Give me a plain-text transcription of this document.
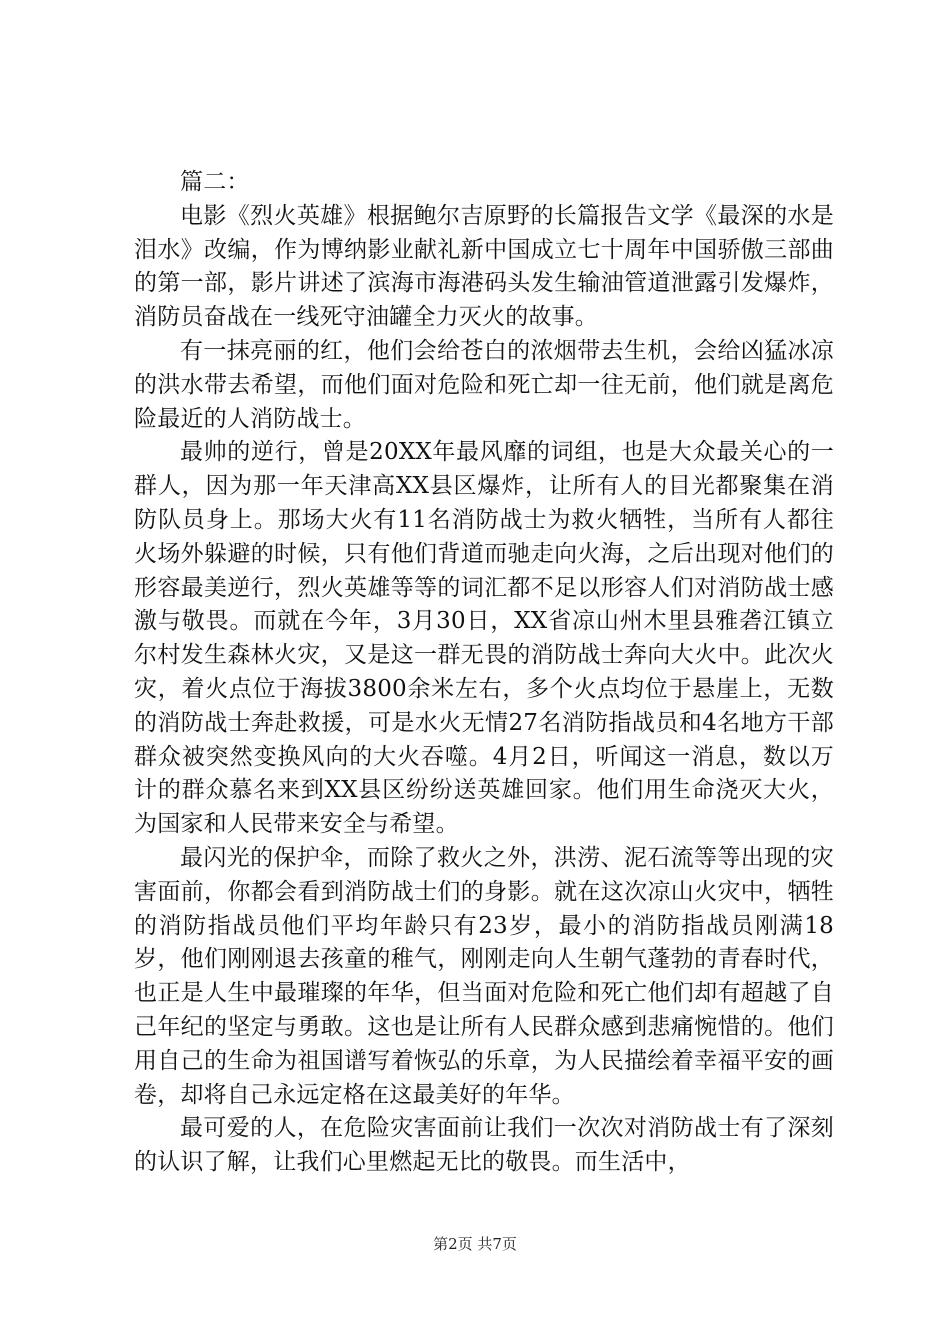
篇二：

电影《烈火英雄》根据鲍尔吉原野的长篇报告文学《最深的水是泪水》改编，作为博纳影业献礼新中国成立七十周年中国骄傲三部曲的第一部，影片讲述了滨海市海港码头发生输油管道泄露引发爆炸，消防员奋战在一线死守油罐全力灭火的故事。

有一抹亮丽的红，他们会给苍白的浓烟带去生机，会给凶猛冰凉的洪水带去希望，而他们面对危险和死亡却一往无前，他们就是离危险最近的人消防战士。

最帅的逆行，曾是20XX年最风靡的词组，也是大众最关心的一群人，因为那一年天津高XX县区爆炸，让所有人的目光都聚集在消防队员身上。那场大火有11名消防战士为救火牺牲，当所有人都往火场外躲避的时候，只有他们背道而驰走向火海，之后出现对他们的形容最美逆行，烈火英雄等等的词汇都不足以形容人们对消防战士感激与敬畏。而就在今年，3月30日，XX省凉山州木里县雅砻江镇立尔村发生森林火灾，又是这一群无畏的消防战士奔向大火中。此次火灾，着火点位于海拔3800余米左右，多个火点均位于悬崖上，无数的消防战士奔赴救援，可是水火无情27名消防指战员和4名地方干部群众被突然变换风向的大火吞噬。4月2日，听闻这一消息，数以万计的群众慕名来到XX县区纷纷送英雄回家。他们用生命浇灭大火，为国家和人民带来安全与希望。

最闪光的保护伞，而除了救火之外，洪涝、泥石流等等出现的灾害面前，你都会看到消防战士们的身影。就在这次凉山火灾中，牺牲的消防指战员他们平均年龄只有23岁，最小的消防指战员刚满18岁，他们刚刚退去孩童的稚气，刚刚走向人生朝气蓬勃的青春时代，也正是人生中最璀璨的年华，但当面对危险和死亡他们却有超越了自己年纪的坚定与勇敢。这也是让所有人民群众感到悲痛惋惜的。他们用自己的生命为祖国谱写着恢弘的乐章，为人民描绘着幸福平安的画卷，却将自己永远定格在这最美好的年华。

最可爱的人，在危险灾害面前让我们一次次对消防战士有了深刻的认识了解，让我们心里燃起无比的敬畏。而生活中，

第2页 共7页
